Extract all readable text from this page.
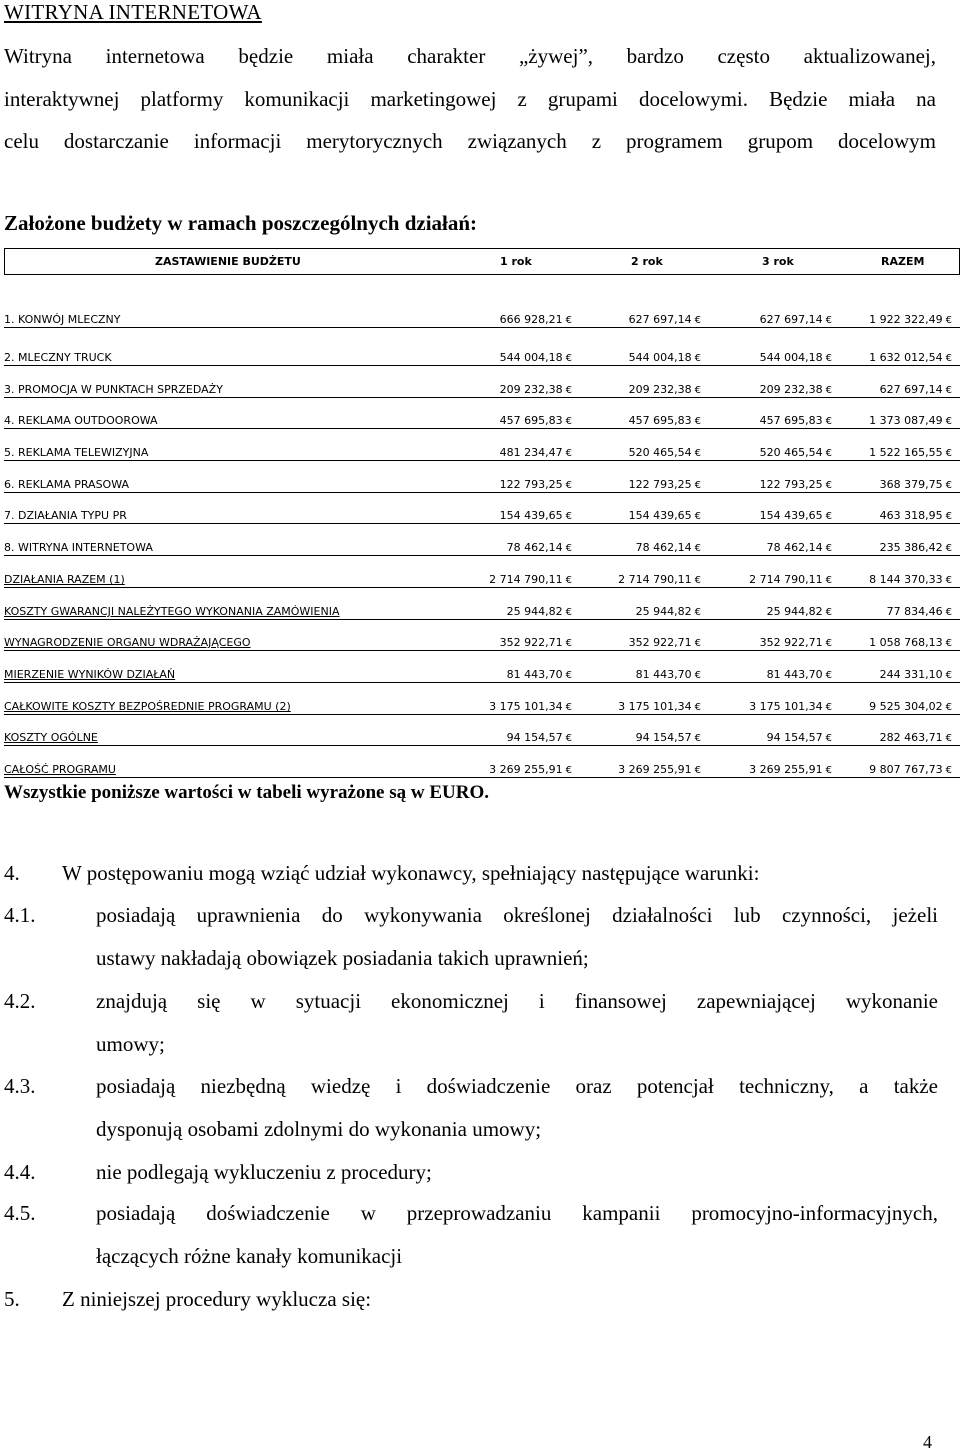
WITRYNA INTERNETOWA

Witryna internetowa będzie miała charakter „żywej”, bardzo często aktualizowanej,

interaktywnej platformy komunikacji marketingowej z grupami docelowymi. Będzie miała na

celu dostarczanie informacji merytorycznych związanych z programem grupom docelowym

Założone budżety w ramach poszczególnych działań:
ZASTAWIENIE BUDŻETU	1 rok	2 rok	3 rok	RAZEM
1. KONWÓJ MLECZNY	666 928,21 €	627 697,14 €	627 697,14 €	1 922 322,49 €
2. MLECZNY TRUCK	544 004,18 €	544 004,18 €	544 004,18 €	1 632 012,54 €
3. PROMOCJA W PUNKTACH SPRZEDAŻY	209 232,38 €	209 232,38 €	209 232,38 €	627 697,14 €
4. REKLAMA OUTDOOROWA	457 695,83 €	457 695,83 €	457 695,83 €	1 373 087,49 €
5. REKLAMA TELEWIZYJNA	481 234,47 €	520 465,54 €	520 465,54 €	1 522 165,55 €
6. REKLAMA PRASOWA	122 793,25 €	122 793,25 €	122 793,25 €	368 379,75 €
7. DZIAŁANIA TYPU PR	154 439,65 €	154 439,65 €	154 439,65 €	463 318,95 €
8. WITRYNA INTERNETOWA	78 462,14 €	78 462,14 €	78 462,14 €	235 386,42 €
DZIAŁANIA RAZEM (1)	2 714 790,11 €	2 714 790,11 €	2 714 790,11 €	8 144 370,33 €
KOSZTY GWARANCJI NALEŻYTEGO WYKONANIA ZAMÓWIENIA	25 944,82 €	25 944,82 €	25 944,82 €	77 834,46 €
WYNAGRODZENIE ORGANU WDRAŻAJĄCEGO	352 922,71 €	352 922,71 €	352 922,71 €	1 058 768,13 €
MIERZENIE WYNIKÓW DZIAŁAŃ	81 443,70 €	81 443,70 €	81 443,70 €	244 331,10 €
CAŁKOWITE KOSZTY BEZPOŚREDNIE PROGRAMU (2)	3 175 101,34 €	3 175 101,34 €	3 175 101,34 €	9 525 304,02 €
KOSZTY OGÓLNE	94 154,57 €	94 154,57 €	94 154,57 €	282 463,71 €
CAŁOŚĆ PROGRAMU	3 269 255,91 €	3 269 255,91 €	3 269 255,91 €	9 807 767,73 €
Wszystkie poniższe wartości w tabeli wyrażone są w EURO.
4. W postępowaniu mogą wziąć udział wykonawcy, spełniający następujące warunki:
4.1.	posiadają uprawnienia do wykonywania określonej działalności lub czynności, jeżeli
ustawy nakładają obowiązek posiadania takich uprawnień;
4.2.	znajdują się w sytuacji ekonomicznej i finansowej zapewniającej wykonanie
umowy;
4.3.	posiadają niezbędną wiedzę i doświadczenie oraz potencjał techniczny, a także
dysponują osobami zdolnymi do wykonania umowy;
4.4.	nie podlegają wykluczeniu z procedury;
4.5.	posiadają doświadczenie w przeprowadzaniu kampanii promocyjno-informacyjnych,
łączących różne kanały komunikacji
5. Z niniejszej procedury wyklucza się:
4
